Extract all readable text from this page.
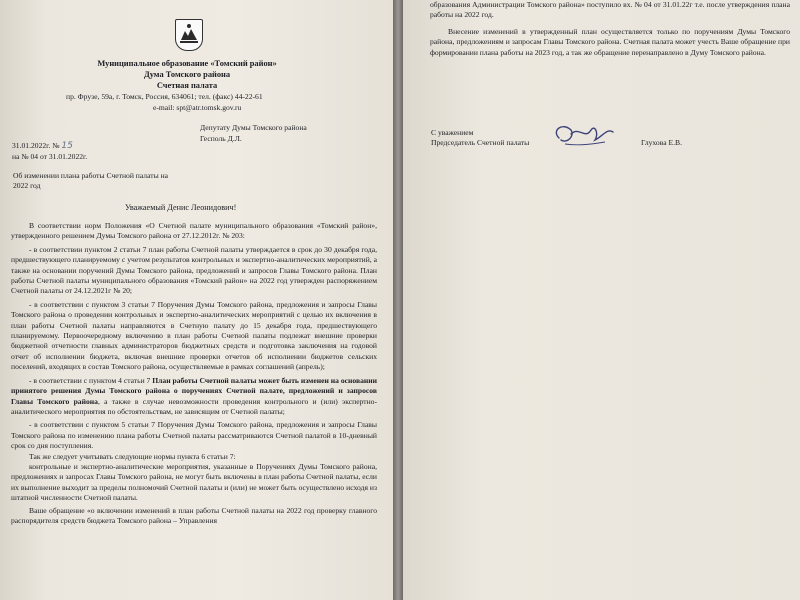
Муниципальное образование «Томский район»
Дума Томского района
Счетная палата
пр. Фрузе, 59а, г. Томск, Россия, 634061; тел. (факс) 44-22-61
e-mail: spt@atr.tomsk.gov.ru
Депутату Думы Томского района
Гесполь Д.Л.
31.01.2022г. № 15
на № 04 от 31.01.2022г.
Об изменении плана работы Счетной палаты на
2022 год
Уважаемый Денис Леонидович!

В соответствии норм Положения «О Счетной палате муниципального образования «Томский район», утвержденного решением Думы Томского района от 27.12.2012г. № 203:

- в соответствии пунктом 2 статьи 7 план работы Счетной палаты утверждается в срок до 30 декабря года, предшествующего планируемому с учетом результатов контрольных и экспертно-аналитических мероприятий, а также на основании поручений Думы Томского района, предложений и запросов Главы Томского района. План работы Счетной палаты муниципального образования «Томский район» на 2022 год утвержден распоряжением Счетной палаты от 24.12.2021г № 20;

- в соответствии с пунктом 3 статьи 7 Поручения Думы Томского района, предложения и запросы Главы Томского района о проведении контрольных и экспертно-аналитических мероприятий с целью их включения в план работы Счетной палаты направляются в Счетную палату до 15 декабря года, предшествующего планируемому. Первоочередному включению в план работы Счетной палаты подлежат внешние проверки бюджетной отчетности главных администраторов бюджетных средств и подготовка заключения на годовой отчет об исполнении бюджета, включая внешние проверки отчетов об исполнении бюджетов сельских поселений, входящих в состав Томского района, осуществляемые в рамках соглашений (апрель);

- в соответствии с пунктом 4 статьи 7 План работы Счетной палаты может быть изменен на основании принятого решения Думы Томского района о поручениях Счетной палате, предложений и запросов Главы Томского района, а также в случае невозможности проведения контрольного и (или) экспертно-аналитического мероприятия по обстоятельствам, не зависящим от Счетной палаты;

- в соответствии с пунктом 5 статьи 7 Поручения Думы Томского района, предложения и запросы Главы Томского района по изменению плана работы Счетной палаты рассматриваются Счетной палатой в 10-дневный срок со дня поступления.

Так же следует учитывать следующие нормы пункта 6 статьи 7:

контрольные и экспертно-аналитические мероприятия, указанные в Поручениях Думы Томского района, предложениях и запросах Главы Томского района, не могут быть включены в план работы Счетной палаты, если их выполнение выходит за пределы полномочий Счетной палаты и (или) не может быть осуществлено исходя из штатной численности Счетной палаты.

Ваше обращение «о включении изменений в план работы Счетной палаты на 2022 год проверку главного распорядителя средств бюджета Томского района – Управления

образования Администрации Томского района» поступило вх. № 04 от 31.01.22г т.е. после утверждения плана работы на 2022 год.

Внесение изменений в утвержденный план осуществляется только по поручениям Думы Томского района, предложениям и запросам Главы Томского района. Счетная палата может учесть Ваше обращение при формировании плана работы на 2023 год, а так же обращение перенаправлено в Думу Томского района.

С уважением
Председатель Счетной палаты	Глухова Е.В.
